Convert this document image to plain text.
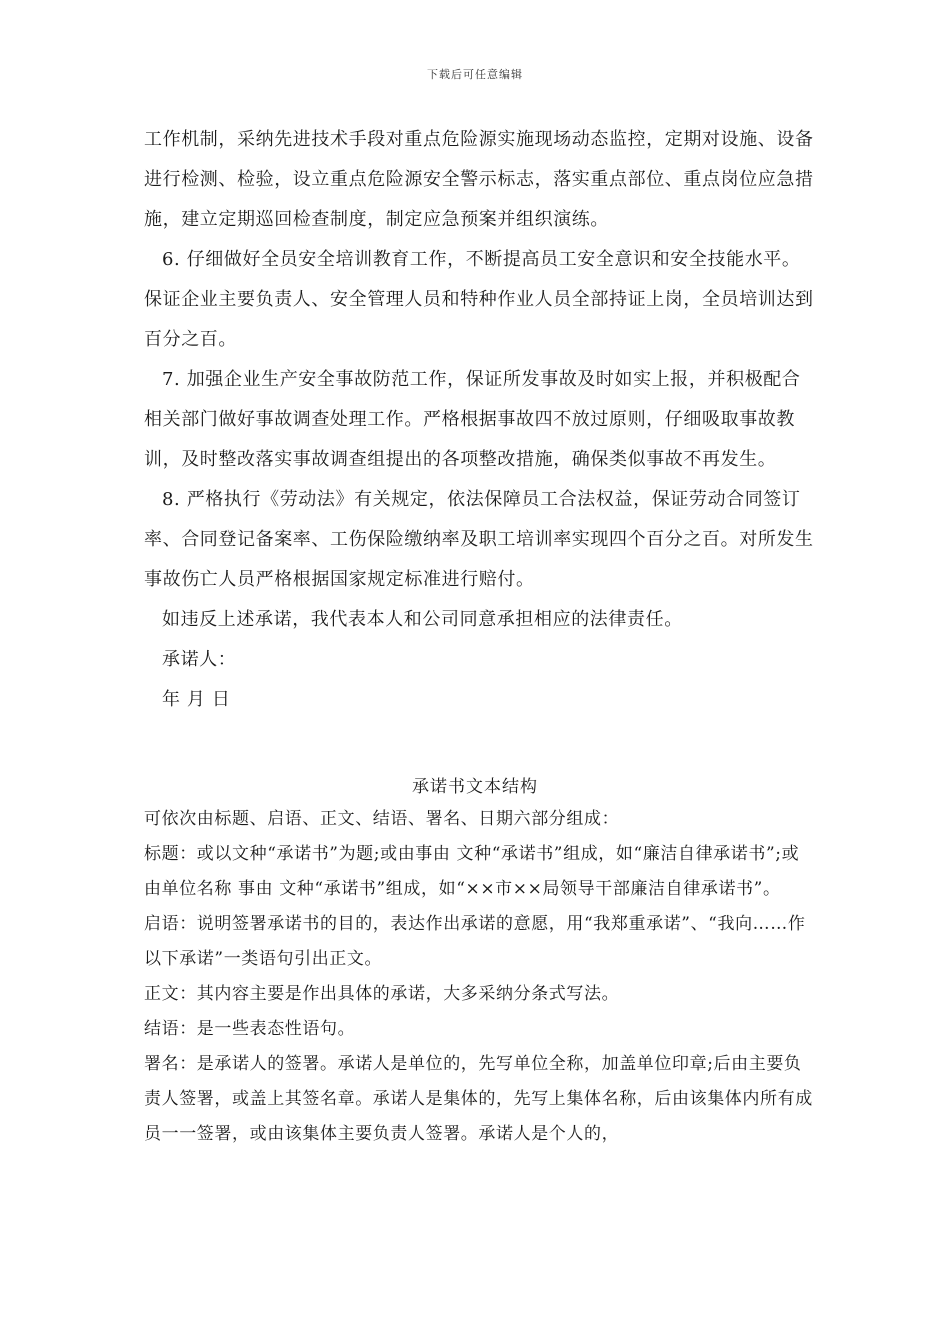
下载后可任意编辑

工作机制，采纳先进技术手段对重点危险源实施现场动态监控，定期对设施、设备进行检测、检验，设立重点危险源安全警示标志，落实重点部位、重点岗位应急措施，建立定期巡回检查制度，制定应急预案并组织演练。

6. 仔细做好全员安全培训教育工作，不断提高员工安全意识和安全技能水平。保证企业主要负责人、安全管理人员和特种作业人员全部持证上岗，全员培训达到百分之百。

7. 加强企业生产安全事故防范工作，保证所发事故及时如实上报，并积极配合相关部门做好事故调查处理工作。严格根据事故四不放过原则，仔细吸取事故教训，及时整改落实事故调查组提出的各项整改措施，确保类似事故不再发生。

8. 严格执行《劳动法》有关规定，依法保障员工合法权益，保证劳动合同签订率、合同登记备案率、工伤保险缴纳率及职工培训率实现四个百分之百。对所发生事故伤亡人员严格根据国家规定标准进行赔付。

如违反上述承诺，我代表本人和公司同意承担相应的法律责任。

承诺人：

年 月 日

承诺书文本结构

可依次由标题、启语、正文、结语、署名、日期六部分组成：

标题：或以文种“承诺书”为题;或由事由 文种“承诺书”组成，如“廉洁自律承诺书”;或由单位名称 事由 文种“承诺书”组成，如“××市××局领导干部廉洁自律承诺书”。

启语：说明签署承诺书的目的，表达作出承诺的意愿，用“我郑重承诺”、“我向……作以下承诺”一类语句引出正文。

正文：其内容主要是作出具体的承诺，大多采纳分条式写法。

结语：是一些表态性语句。

署名：是承诺人的签署。承诺人是单位的，先写单位全称，加盖单位印章;后由主要负责人签署，或盖上其签名章。承诺人是集体的，先写上集体名称，后由该集体内所有成员一一签署，或由该集体主要负责人签署。承诺人是个人的，
